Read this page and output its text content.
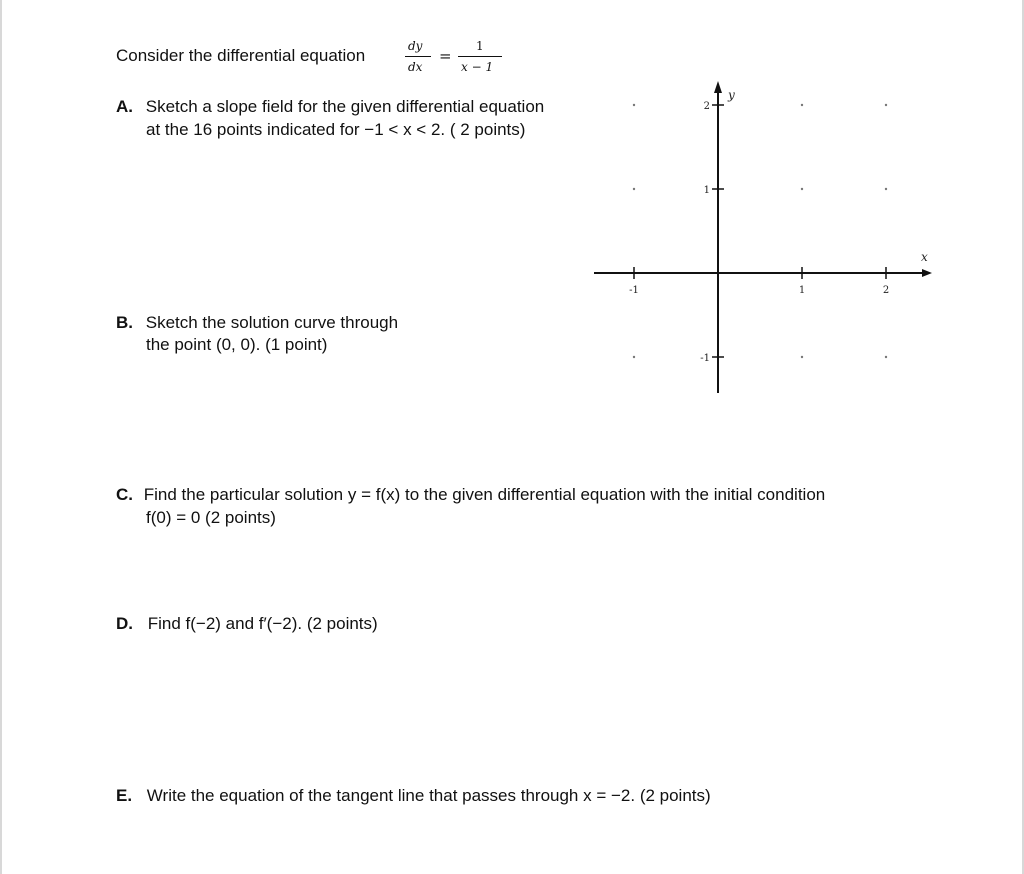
Consider the differential equation	dy
dx
=
1
x − 1
A. Sketch a slope field for the given differential equation
at the 16 points indicated for −1 < x < 2. ( 2 points)
B. Sketch the solution curve through
the point (0, 0). (1 point)
C. Find the particular solution y = f(x) to the given differential equation with the initial condition
f(0) = 0 (2 points)
D. Find f(−2) and f′(−2). (2 points)
E. Write the equation of the tangent line that passes through x = −2. (2 points)
-1	1	2
2
1
-1
x
y
